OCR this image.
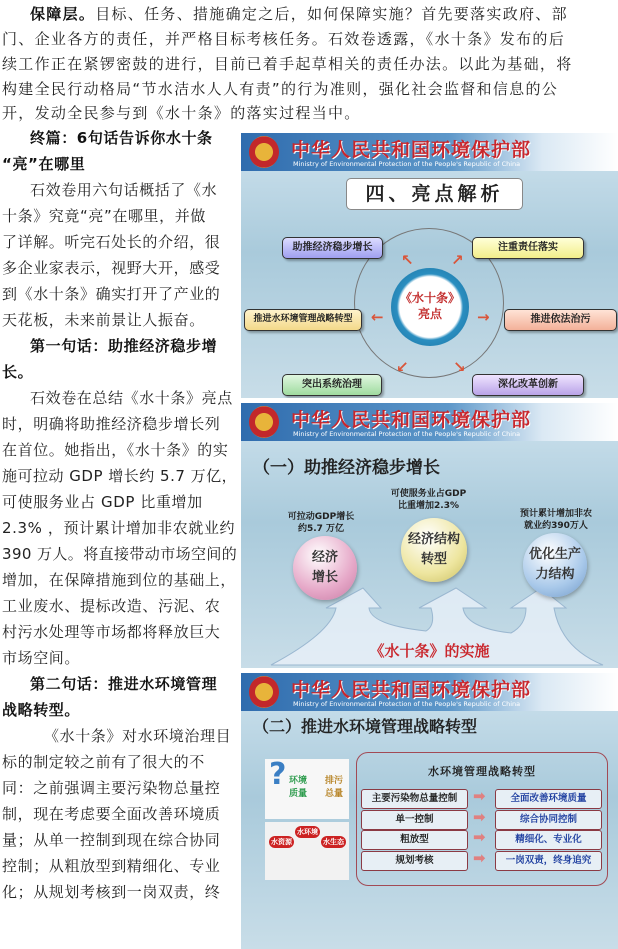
保障层。目标、任务、措施确定之后，如何保障实施？首先要落实政府、部
门、企业各方的责任，并严格目标考核任务。石效卷透露，《水十条》发布的后
续工作正在紧锣密鼓的进行，目前已着手起草相关的责任办法。以此为基础，将
构建全民行动格局“节水洁水人人有责”的行为准则，强化社会监督和信息的公
开，发动全民参与到《水十条》的落实过程当中。
终篇：6句话告诉你水十条
“亮”在哪里
石效卷用六句话概括了《水
十条》究竟“亮”在哪里，并做
了详解。听完石处长的介绍，很
多企业家表示，视野大开，感受
到《水十条》确实打开了产业的
天花板，未来前景让人振奋。
第一句话：助推经济稳步增
长。
石效卷在总结《水十条》亮点
时，明确将助推经济稳步增长列
在首位。她指出，《水十条》的实
施可拉动 GDP 增长约 5.7 万亿，
可使服务业占 GDP 比重增加
2.3% ，预计累计增加非农就业约
390 万人。将直接带动市场空间的
增加，在保障措施到位的基础上，
工业废水、提标改造、污泥、农
村污水处理等市场都将释放巨大
市场空间。
第二句话：推进水环境管理
战略转型。
《水十条》对水环境治理目
标的制定较之前有了很大的不
同：之前强调主要污染物总量控
制，现在考虑要全面改善环境质
量；从单一控制到现在综合协同
控制；从粗放型到精细化、专业
化；从规划考核到一岗双责，终
中华人民共和国环境保护部
Ministry of Environmental Protection of the People's Republic of China
四、亮点解析
《水十条》
亮点
助推经济稳步增长	注重责任落实
推进水环境管理战略转型	推进依法治污
突出系统治理	深化改革创新
↖ ↗
←	→
↙	↘
中华人民共和国环境保护部
Ministry of Environmental Protection of the People's Republic of China
（一）助推经济稳步增长
可拉动GDP增长
约5.7 万亿
可使服务业占GDP
比重增加2.3%
预计累计增加非农
就业约390万人
经济
增长
经济结构
转型	优化生产
力结构
《水十条》的实施
中华人民共和国环境保护部
Ministry of Environmental Protection of the People's Republic of China
（二）推进水环境管理战略转型
? 环境
质量
排污
总量
水资源
水环境
水生态
水环境管理战略转型
主要污染物总量控制	➡	全面改善环境质量
单一控制	➡	综合协同控制
粗放型	➡	精细化、专业化
规划考核	➡	一岗双责，终身追究
